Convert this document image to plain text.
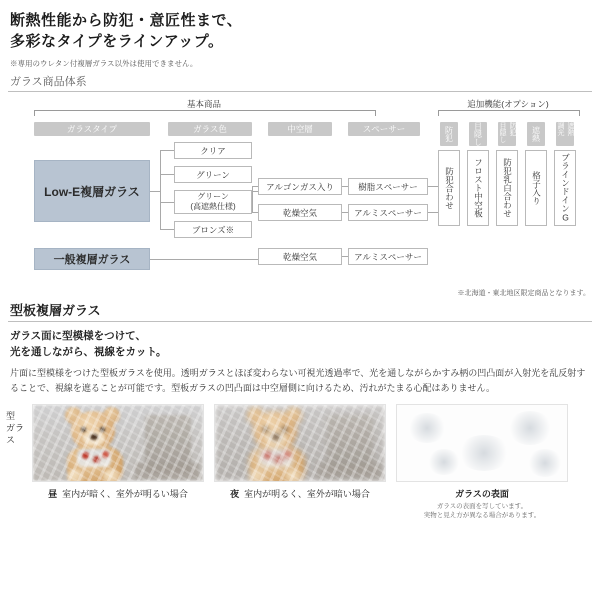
断熱性能から防犯・意匠性まで、
多彩なタイプをラインアップ。
※専用のウレタン付複層ガラス以外は使用できません。
ガラス商品体系
基本商品	追加機能(オプション)
ガラスタイプ	ガラス色	中空層	スペーサー	防犯	目隠し	防犯 目隠し	遮熱	遮熱 調光
Low-E複層ガラス
一般複層ガラス
クリア
グリーン
グリーン
(高遮熱仕様)
ブロンズ※
アルゴンガス入り
乾燥空気
乾燥空気
樹脂スペーサー
アルミスペーサー
アルミスペーサー
防犯合わせ	フロスト中空板	防犯乳白合わせ	格子入り	ブラインドインG
※北海道・東北地区限定商品となります。
型板複層ガラス
ガラス面に型模様をつけて、
光を通しながら、視線をカット。
片面に型模様をつけた型板ガラスを使用。透明ガラスとほぼ変わらない可視光透過率で、光を通しながらかすみ柄の凹凸面が入射光を乱反射することで、視線を遮ることが可能です。型板ガラスの凹凸面は中空層側に向けるため、汚れがたまる心配はありません。
型
ガラス
昼 室内が暗く、室外が明るい場合	夜 室内が明るく、室外が暗い場合	ガラスの表面
ガラスの表面を写しています。
実物と見え方が異なる場合があります。
